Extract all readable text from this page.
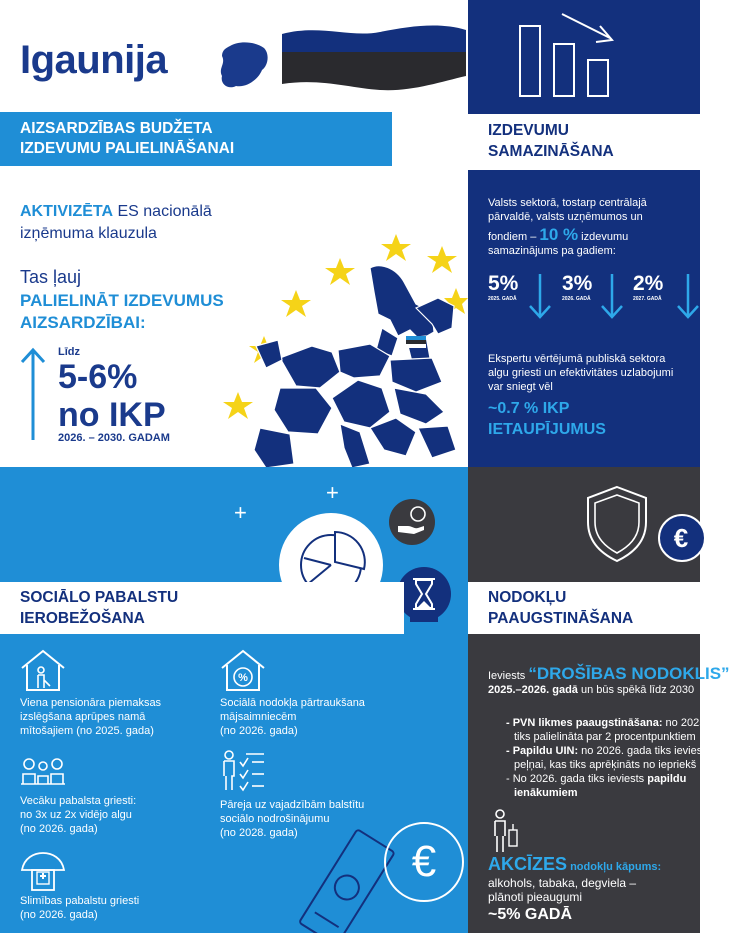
Igaunija
AIZSARDZĪBAS BUDŽETA
IZDEVUMU PALIELINĀŠANAI
AKTIVIZĒTA ES nacionālā
izņēmuma klauzula
Tas ļauj
PALIELINĀT IZDEVUMUS
AIZSARDZĪBAI:
Līdz
5-6%
no IKP
2026. – 2030. GADAM
IZDEVUMU
SAMAZINĀŠANA
Valsts sektorā, tostarp centrālajā
pārvaldē, valsts uzņēmumos un
fondiem – 10 % izdevumu
samazinājums pa gadiem:
5%
2025. GADĀ
3%
2026. GADĀ
2%
2027. GADĀ
Ekspertu vērtējumā publiskā sektora
algu griesti un efektivitātes uzlabojumi
var sniegt vēl
~0.7 % IKP
IETAUPĪJUMUS
+
+
SOCIĀLO PABALSTU
IEROBEŽOŠANA
Viena pensionāra piemaksas
izslēgšana aprūpes namā
mītošajiem (no 2025. gada)
%
Sociālā nodokļa pārtraukšana
mājsaimniecēm
(no 2026. gada)
Vecāku pabalsta griesti:
no 3x uz 2x vidējo algu
(no 2026. gada)
Pāreja uz vajadzībām balstītu
sociālo nodrošinājumu
(no 2028. gada)
Slimības pabalstu griesti
(no 2026. gada)
€
€
NODOKĻU
PAAUGSTINĀŠANA
Ieviests “DROŠĪBAS NODOKLIS”
2025.–2026. gadā un būs spēkā līdz 2030
- PVN likmes paaugstināšana: no 2025.
tiks palielināta par 2 procentpunktiem
- Papildu UIN: no 2026. gada tiks ieviests
peļņai, kas tiks aprēķināts no iepriekš
- No 2026. gada tiks ieviests papildu
ienākumiem
AKCĪZES nodokļu kāpums:
alkohols, tabaka, degviela –
plānoti pieaugumi
~5% GADĀ
